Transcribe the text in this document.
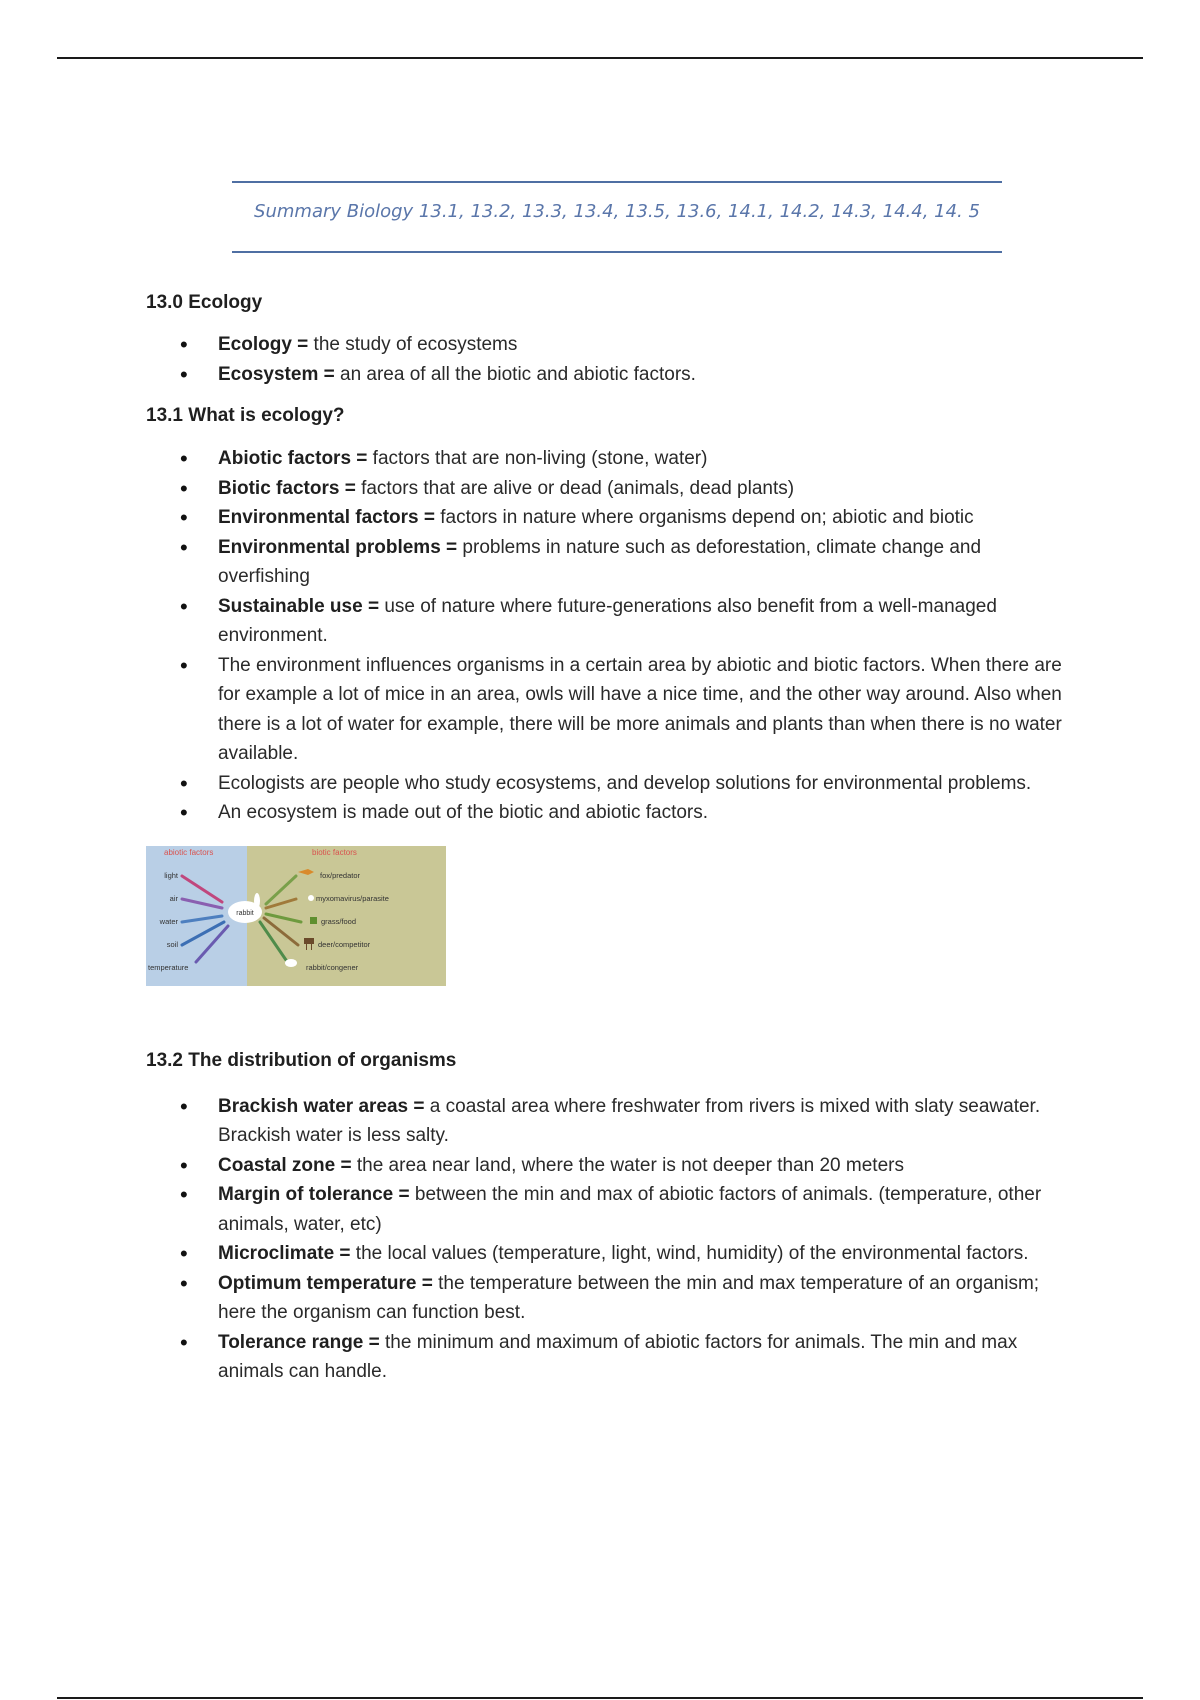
Summary Biology 13.1, 13.2, 13.3, 13.4, 13.5, 13.6, 14.1, 14.2, 14.3, 14.4, 14. 5
13.0 Ecology
• Ecology = the study of ecosystems
• Ecosystem = an area of all the biotic and abiotic factors.
13.1 What is ecology?
• Abiotic factors = factors that are non-living (stone, water)
• Biotic factors = factors that are alive or dead (animals, dead plants)
• Environmental factors = factors in nature where organisms depend on; abiotic and biotic
• Environmental problems = problems in nature such as deforestation, climate change and overfishing
• Sustainable use = use of nature where future-generations also benefit from a well-managed environment.
• The environment influences organisms in a certain area by abiotic and biotic factors. When there are for example a lot of mice in an area, owls will have a nice time, and the other way around. Also when there is a lot of water for example, there will be more animals and plants than when there is no water available.
• Ecologists are people who study ecosystems, and develop solutions for environmental problems.
• An ecosystem is made out of the biotic and abiotic factors.
abiotic factors	biotic factors
light
air
water
soil
temperature
rabbit
fox/predator
myxomavirus/parasite
grass/food
deer/competitor
rabbit/congener
13.2 The distribution of organisms
• Brackish water areas = a coastal area where freshwater from rivers is mixed with slaty seawater. Brackish water is less salty.
• Coastal zone = the area near land, where the water is not deeper than 20 meters
• Margin of tolerance = between the min and max of abiotic factors of animals. (temperature, other animals, water, etc)
• Microclimate = the local values (temperature, light, wind, humidity) of the environmental factors.
• Optimum temperature = the temperature between the min and max temperature of an organism; here the organism can function best.
• Tolerance range = the minimum and maximum of abiotic factors for animals. The min and max animals can handle.
